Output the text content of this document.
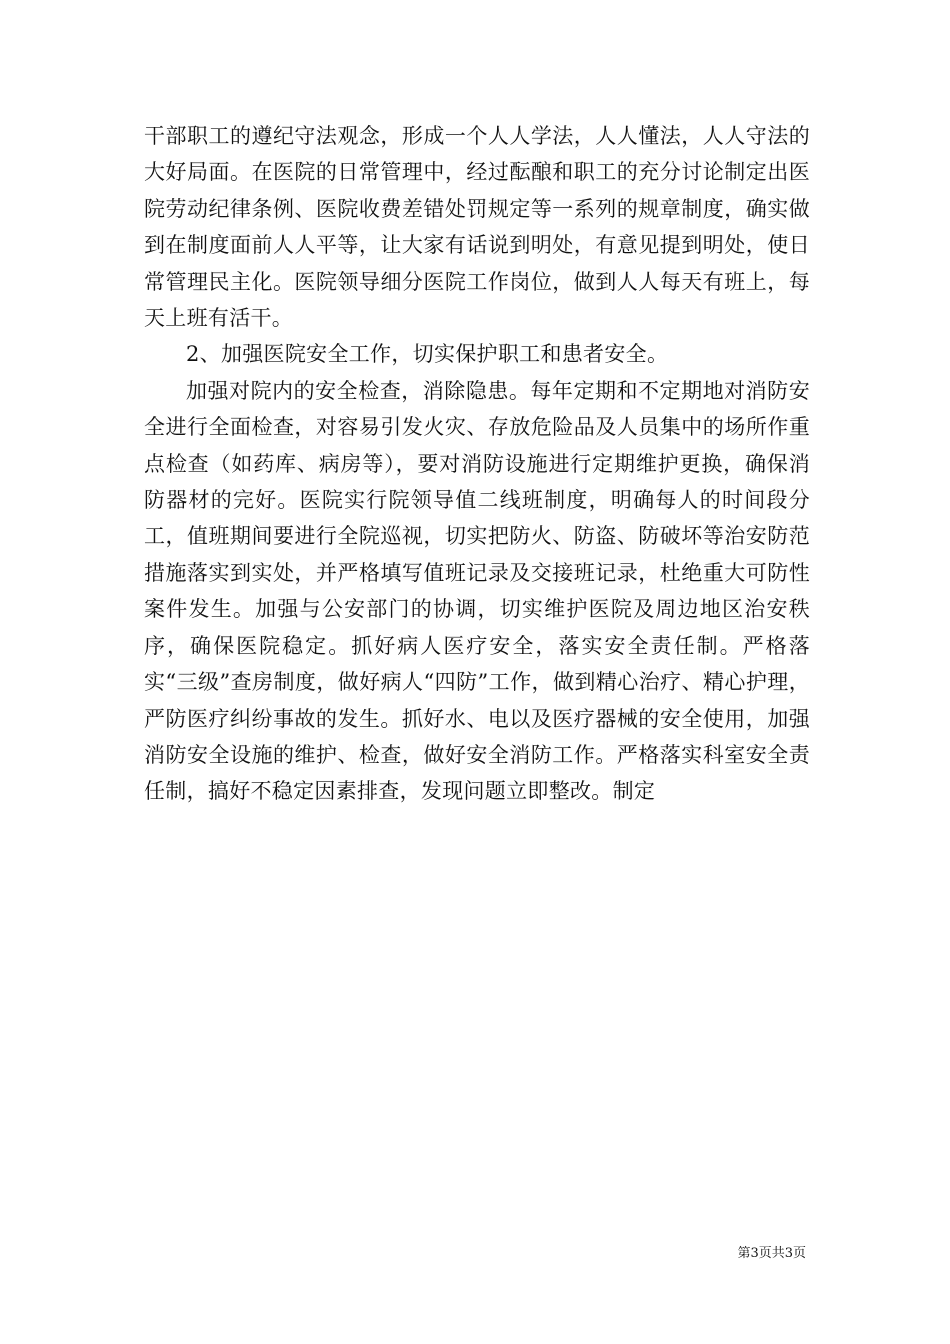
干部职工的遵纪守法观念，形成一个人人学法，人人懂法，人人守法的大好局面。在医院的日常管理中，经过酝酿和职工的充分讨论制定出医院劳动纪律条例、医院收费差错处罚规定等一系列的规章制度，确实做到在制度面前人人平等，让大家有话说到明处，有意见提到明处，使日常管理民主化。医院领导细分医院工作岗位，做到人人每天有班上，每天上班有活干。

2、加强医院安全工作，切实保护职工和患者安全。

加强对院内的安全检查，消除隐患。每年定期和不定期地对消防安全进行全面检查，对容易引发火灾、存放危险品及人员集中的场所作重点检查（如药库、病房等），要对消防设施进行定期维护更换，确保消防器材的完好。医院实行院领导值二线班制度，明确每人的时间段分工，值班期间要进行全院巡视，切实把防火、防盗、防破坏等治安防范措施落实到实处，并严格填写值班记录及交接班记录，杜绝重大可防性案件发生。加强与公安部门的协调，切实维护医院及周边地区治安秩序，确保医院稳定。抓好病人医疗安全，落实安全责任制。严格落实“三级”查房制度，做好病人“四防”工作，做到精心治疗、精心护理，严防医疗纠纷事故的发生。抓好水、电以及医疗器械的安全使用，加强消防安全设施的维护、检查，做好安全消防工作。严格落实科室安全责任制，搞好不稳定因素排查，发现问题立即整改。制定

第3页共3页
